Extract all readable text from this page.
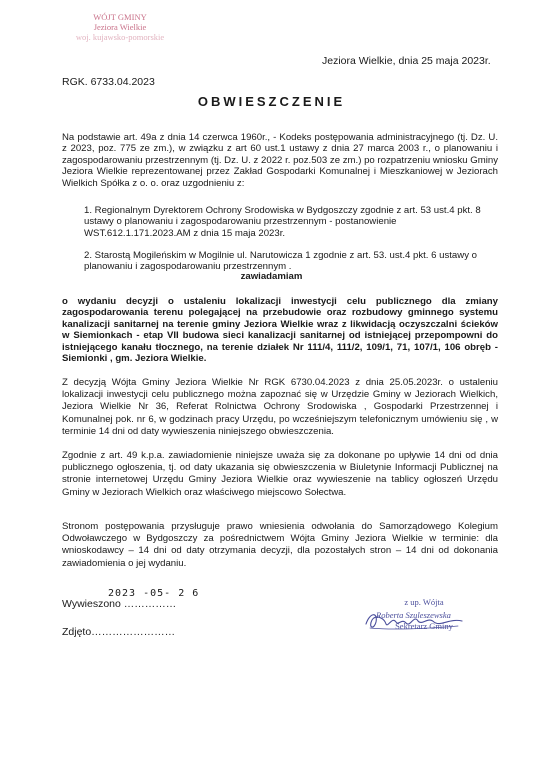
WÓJT GMINY
Jeziora Wielkie
woj. kujawsko-pomorskie
Jeziora Wielkie, dnia 25 maja 2023r.
RGK. 6733.04.2023
OBWIESZCZENIE
Na podstawie art. 49a z dnia 14 czerwca 1960r., - Kodeks postępowania administracyjnego (tj. Dz. U. z 2023, poz. 775 ze zm.), w związku z art 60 ust.1 ustawy z dnia 27 marca 2003 r., o planowaniu i zagospodarowaniu przestrzennym (tj. Dz. U. z 2022 r. poz.503 ze zm.) po rozpatrzeniu wniosku Gminy Jeziora Wielkie reprezentowanej przez Zakład Gospodarki Komunalnej i Mieszkaniowej w Jeziorach Wielkich Spółka z o. o. oraz uzgodnieniu z:
1. Regionalnym Dyrektorem Ochrony Srodowiska w Bydgoszczy zgodnie z art. 53 ust.4 pkt. 8 ustawy o planowaniu i zagospodarowaniu przestrzennym - postanowienie WST.612.1.171.2023.AM z dnia 15 maja 2023r.
2. Starostą Mogileńskim w Mogilnie ul. Narutowicza 1 zgodnie z art. 53. ust.4 pkt. 6 ustawy o planowaniu i zagospodarowaniu przestrzennym .
zawiadamiam
o wydaniu decyzji o ustaleniu lokalizacji inwestycji celu publicznego dla zmiany zagospodarowania terenu polegającej na przebudowie oraz rozbudowy gminnego systemu kanalizacji sanitarnej na terenie gminy Jeziora Wielkie wraz z likwidacją oczyszczalni ścieków w Siemionkach - etap VII budowa sieci kanalizacji sanitarnej od istniejącej przepompowni do istniejącego kanału tłocznego, na terenie działek Nr 111/4, 111/2, 109/1, 71, 107/1, 106 obręb - Siemionki , gm. Jeziora Wielkie.
Z decyzją Wójta Gminy Jeziora Wielkie Nr RGK 6730.04.2023 z dnia 25.05.2023r. o ustaleniu lokalizacji inwestycji celu publicznego można zapoznać się w Urzędzie Gminy w Jeziorach Wielkich, Jeziora Wielkie Nr 36, Referat Rolnictwa Ochrony Srodowiska , Gospodarki Przestrzennej i Komunalnej pok. nr 6, w godzinach pracy Urzędu, po wcześniejszym telefonicznym umówieniu się , w terminie 14 dni od daty wywieszenia niniejszego obwieszczenia.
Zgodnie z art. 49 k.p.a. zawiadomienie niniejsze uważa się za dokonane po upływie 14 dni od dnia publicznego ogłoszenia, tj. od daty ukazania się obwieszczenia w Biuletynie Informacji Publicznej na stronie internetowej Urzędu Gminy Jeziora Wielkie oraz wywieszenie na tablicy ogłoszeń Urzędu Gminy w Jeziorach Wielkich oraz właściwego miejscowo Sołectwa.
Stronom postępowania przysługuje prawo wniesienia odwołania do Samorządowego Kolegium Odwoławczego w Bydgoszczy za pośrednictwem Wójta Gminy Jeziora Wielkie w terminie: dla wnioskodawcy – 14 dni od daty otrzymania decyzji, dla pozostałych stron – 14 dni od dokonania zawiadomienia o jej wydaniu.
2023 -05- 2 6
Wywieszono ……………
Zdjęto……………………
z up. Wójta
Roberta Szuleszewska
Sekretarz Gminy
